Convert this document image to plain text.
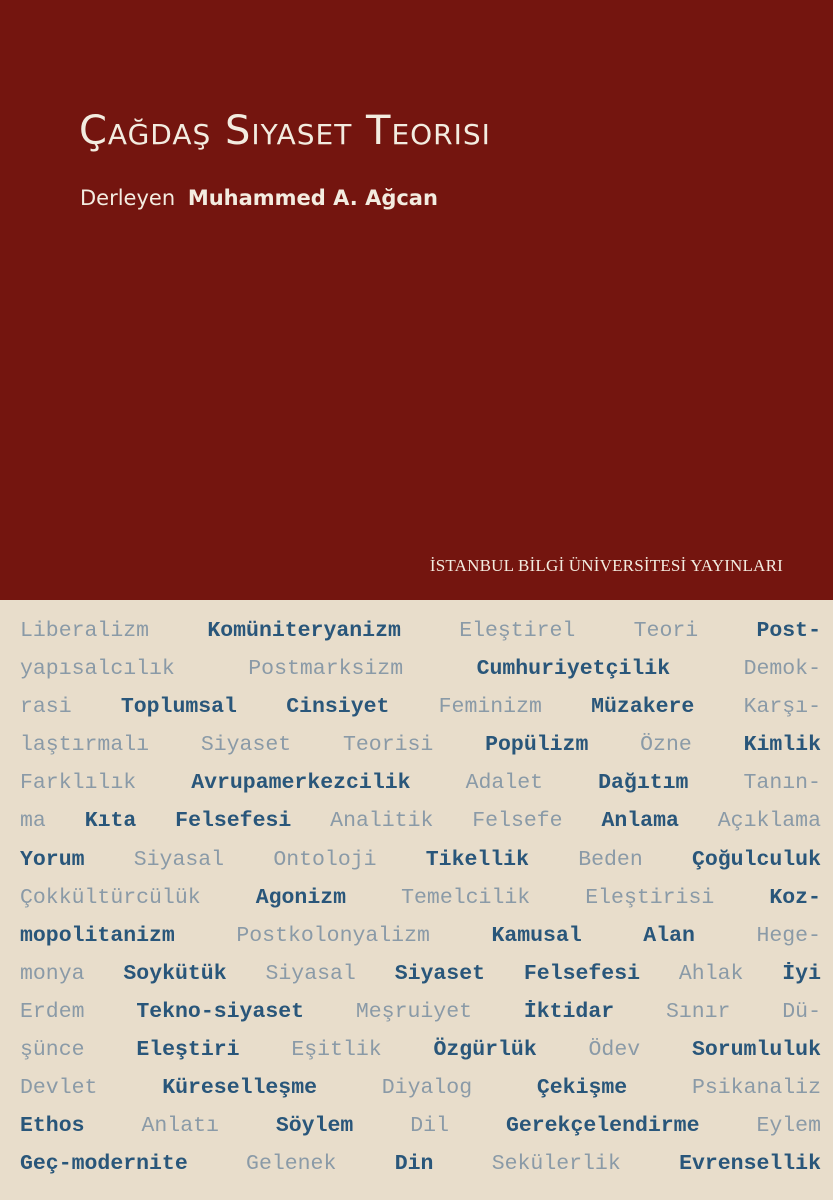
Çağdaş Siyaset Teorisi
Derleyen Muhammed A. Ağcan
İSTANBUL BİLGİ ÜNİVERSİTESİ YAYINLARI
Liberalizm	Komüniteryanizm	Eleştirel	Teori	Post-
yapısalcılık	Postmarksizm	Cumhuriyetçilik	Demok-
rasi Toplumsal Cinsiyet Feminizm Müzakere Karşı-
laştırmalı Siyaset Teorisi Popülizm Özne Kimlik
Farklılık	Avrupamerkezcilik	Adalet	Dağıtım	Tanın-
ma Kıta Felsefesi Analitik Felsefe Anlama Açıklama
Yorum Siyasal Ontoloji Tikellik Beden Çoğulculuk
Çokkültürcülük	Agonizm	Temelcilik	Eleştirisi	Koz-
mopolitanizm	Postkolonyalizm	Kamusal	Alan	Hege-
monya Soykütük Siyasal Siyaset Felsefesi Ahlak İyi
Erdem Tekno-siyaset Meşruiyet İktidar Sınır Dü-
şünce Eleştiri Eşitlik Özgürlük Ödev Sorumluluk
Devlet	Küreselleşme	Diyalog	Çekişme	Psikanaliz
Ethos	Anlatı	Söylem	Dil	Gerekçelendirme	Eylem
Geç-modernite	Gelenek	Din	Sekülerlik	Evrensellik
